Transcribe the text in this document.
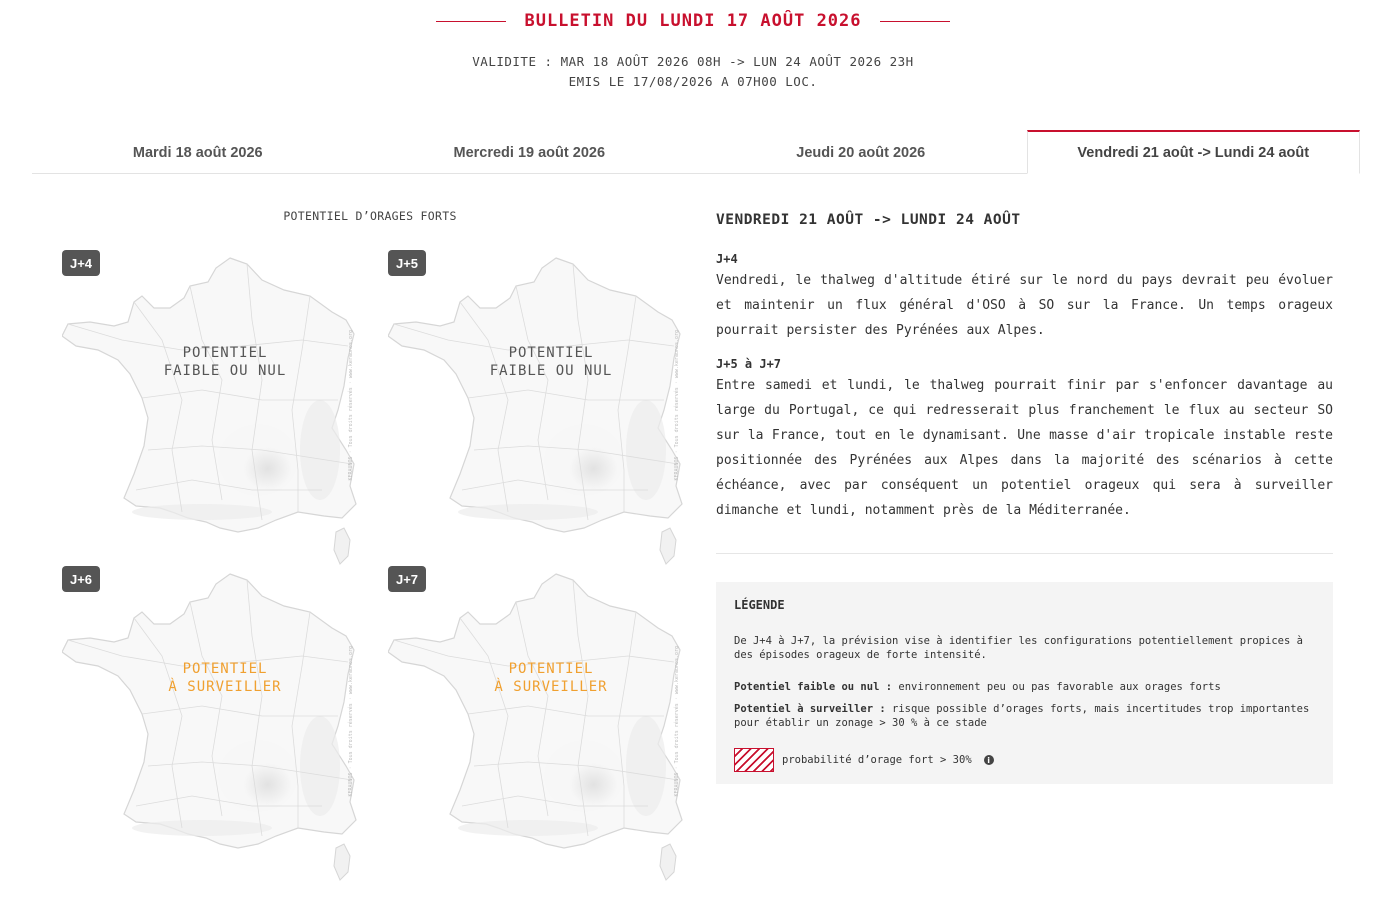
BULLETIN DU LUNDI 17 AOÛT 2026
VALIDITE : MAR 18 AOÛT 2026 08H -> LUN 24 AOÛT 2026 23H
EMIS LE 17/08/2026 A 07H00 LOC.
Mardi 18 août 2026	Mercredi 19 août 2026	Jeudi 20 août 2026	Vendredi 21 août -> Lundi 24 août
POTENTIEL D’ORAGES FORTS
J+4
POTENTIEL
FAIBLE OU NUL	KERAUNOS · Tous droits réservés · www.keraunos.org
J+5
POTENTIEL
FAIBLE OU NUL	KERAUNOS · Tous droits réservés · www.keraunos.org
J+6
POTENTIEL
À SURVEILLER	KERAUNOS · Tous droits réservés · www.keraunos.org
J+7
POTENTIEL
À SURVEILLER	KERAUNOS · Tous droits réservés · www.keraunos.org
VENDREDI 21 AOÛT -> LUNDI 24 AOÛT
J+4
Vendredi, le thalweg d'altitude étiré sur le nord du pays devrait peu évoluer et maintenir un flux général d'OSO à SO sur la France. Un temps orageux pourrait persister des Pyrénées aux Alpes.
J+5 à J+7
Entre samedi et lundi, le thalweg pourrait finir par s'enfoncer davantage au large du Portugal, ce qui redresserait plus franchement le flux au secteur SO sur la France, tout en le dynamisant. Une masse d'air tropicale instable reste positionnée des Pyrénées aux Alpes dans la majorité des scénarios à cette échéance, avec par conséquent un potentiel orageux qui sera à surveiller dimanche et lundi, notamment près de la Méditerranée.
LÉGENDE
De J+4 à J+7, la prévision vise à identifier les configurations potentiellement propices à des épisodes orageux de forte intensité.
Potentiel faible ou nul : environnement peu ou pas favorable aux orages forts
Potentiel à surveiller : risque possible d’orages forts, mais incertitudes trop importantes pour établir un zonage > 30 % à ce stade
probabilité d’orage fort > 30%	i
